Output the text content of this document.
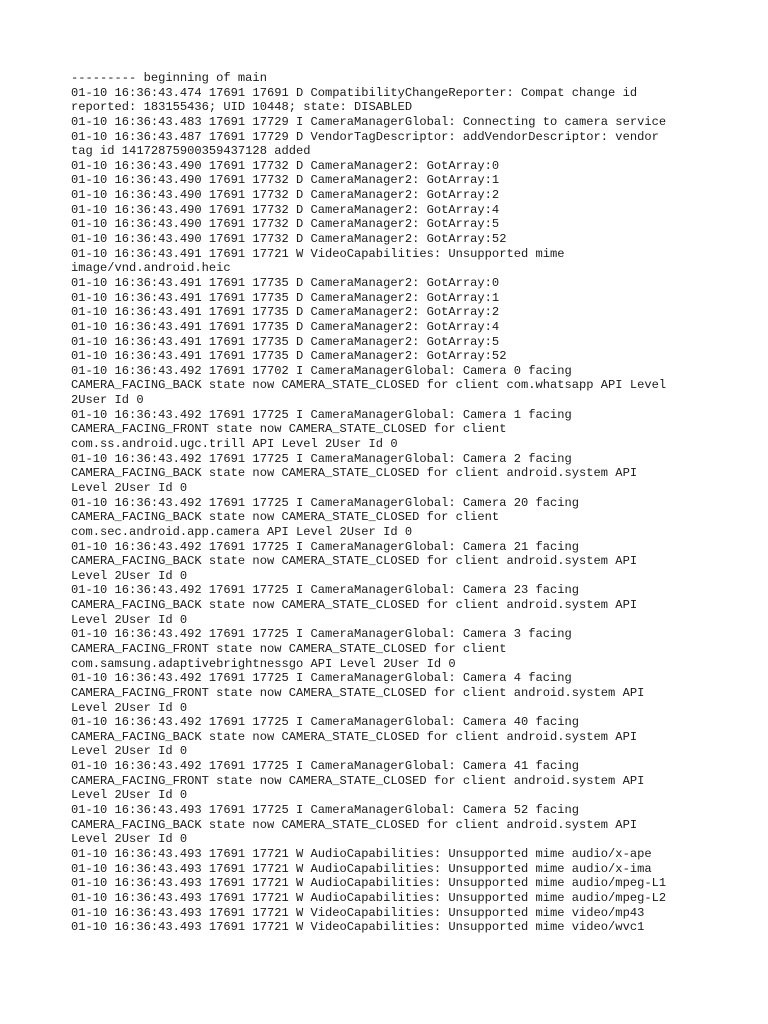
--------- beginning of main
01-10 16:36:43.474 17691 17691 D CompatibilityChangeReporter: Compat change id
reported: 183155436; UID 10448; state: DISABLED
01-10 16:36:43.483 17691 17729 I CameraManagerGlobal: Connecting to camera service
01-10 16:36:43.487 17691 17729 D VendorTagDescriptor: addVendorDescriptor: vendor
tag id 14172875900359437128 added
01-10 16:36:43.490 17691 17732 D CameraManager2: GotArray:0
01-10 16:36:43.490 17691 17732 D CameraManager2: GotArray:1
01-10 16:36:43.490 17691 17732 D CameraManager2: GotArray:2
01-10 16:36:43.490 17691 17732 D CameraManager2: GotArray:4
01-10 16:36:43.490 17691 17732 D CameraManager2: GotArray:5
01-10 16:36:43.490 17691 17732 D CameraManager2: GotArray:52
01-10 16:36:43.491 17691 17721 W VideoCapabilities: Unsupported mime
image/vnd.android.heic
01-10 16:36:43.491 17691 17735 D CameraManager2: GotArray:0
01-10 16:36:43.491 17691 17735 D CameraManager2: GotArray:1
01-10 16:36:43.491 17691 17735 D CameraManager2: GotArray:2
01-10 16:36:43.491 17691 17735 D CameraManager2: GotArray:4
01-10 16:36:43.491 17691 17735 D CameraManager2: GotArray:5
01-10 16:36:43.491 17691 17735 D CameraManager2: GotArray:52
01-10 16:36:43.492 17691 17702 I CameraManagerGlobal: Camera 0 facing
CAMERA_FACING_BACK state now CAMERA_STATE_CLOSED for client com.whatsapp API Level
2User Id 0
01-10 16:36:43.492 17691 17725 I CameraManagerGlobal: Camera 1 facing
CAMERA_FACING_FRONT state now CAMERA_STATE_CLOSED for client
com.ss.android.ugc.trill API Level 2User Id 0
01-10 16:36:43.492 17691 17725 I CameraManagerGlobal: Camera 2 facing
CAMERA_FACING_BACK state now CAMERA_STATE_CLOSED for client android.system API
Level 2User Id 0
01-10 16:36:43.492 17691 17725 I CameraManagerGlobal: Camera 20 facing
CAMERA_FACING_BACK state now CAMERA_STATE_CLOSED for client
com.sec.android.app.camera API Level 2User Id 0
01-10 16:36:43.492 17691 17725 I CameraManagerGlobal: Camera 21 facing
CAMERA_FACING_BACK state now CAMERA_STATE_CLOSED for client android.system API
Level 2User Id 0
01-10 16:36:43.492 17691 17725 I CameraManagerGlobal: Camera 23 facing
CAMERA_FACING_BACK state now CAMERA_STATE_CLOSED for client android.system API
Level 2User Id 0
01-10 16:36:43.492 17691 17725 I CameraManagerGlobal: Camera 3 facing
CAMERA_FACING_FRONT state now CAMERA_STATE_CLOSED for client
com.samsung.adaptivebrightnessgo API Level 2User Id 0
01-10 16:36:43.492 17691 17725 I CameraManagerGlobal: Camera 4 facing
CAMERA_FACING_FRONT state now CAMERA_STATE_CLOSED for client android.system API
Level 2User Id 0
01-10 16:36:43.492 17691 17725 I CameraManagerGlobal: Camera 40 facing
CAMERA_FACING_BACK state now CAMERA_STATE_CLOSED for client android.system API
Level 2User Id 0
01-10 16:36:43.492 17691 17725 I CameraManagerGlobal: Camera 41 facing
CAMERA_FACING_FRONT state now CAMERA_STATE_CLOSED for client android.system API
Level 2User Id 0
01-10 16:36:43.493 17691 17725 I CameraManagerGlobal: Camera 52 facing
CAMERA_FACING_BACK state now CAMERA_STATE_CLOSED for client android.system API
Level 2User Id 0
01-10 16:36:43.493 17691 17721 W AudioCapabilities: Unsupported mime audio/x-ape
01-10 16:36:43.493 17691 17721 W AudioCapabilities: Unsupported mime audio/x-ima
01-10 16:36:43.493 17691 17721 W AudioCapabilities: Unsupported mime audio/mpeg-L1
01-10 16:36:43.493 17691 17721 W AudioCapabilities: Unsupported mime audio/mpeg-L2
01-10 16:36:43.493 17691 17721 W VideoCapabilities: Unsupported mime video/mp43
01-10 16:36:43.493 17691 17721 W VideoCapabilities: Unsupported mime video/wvc1
